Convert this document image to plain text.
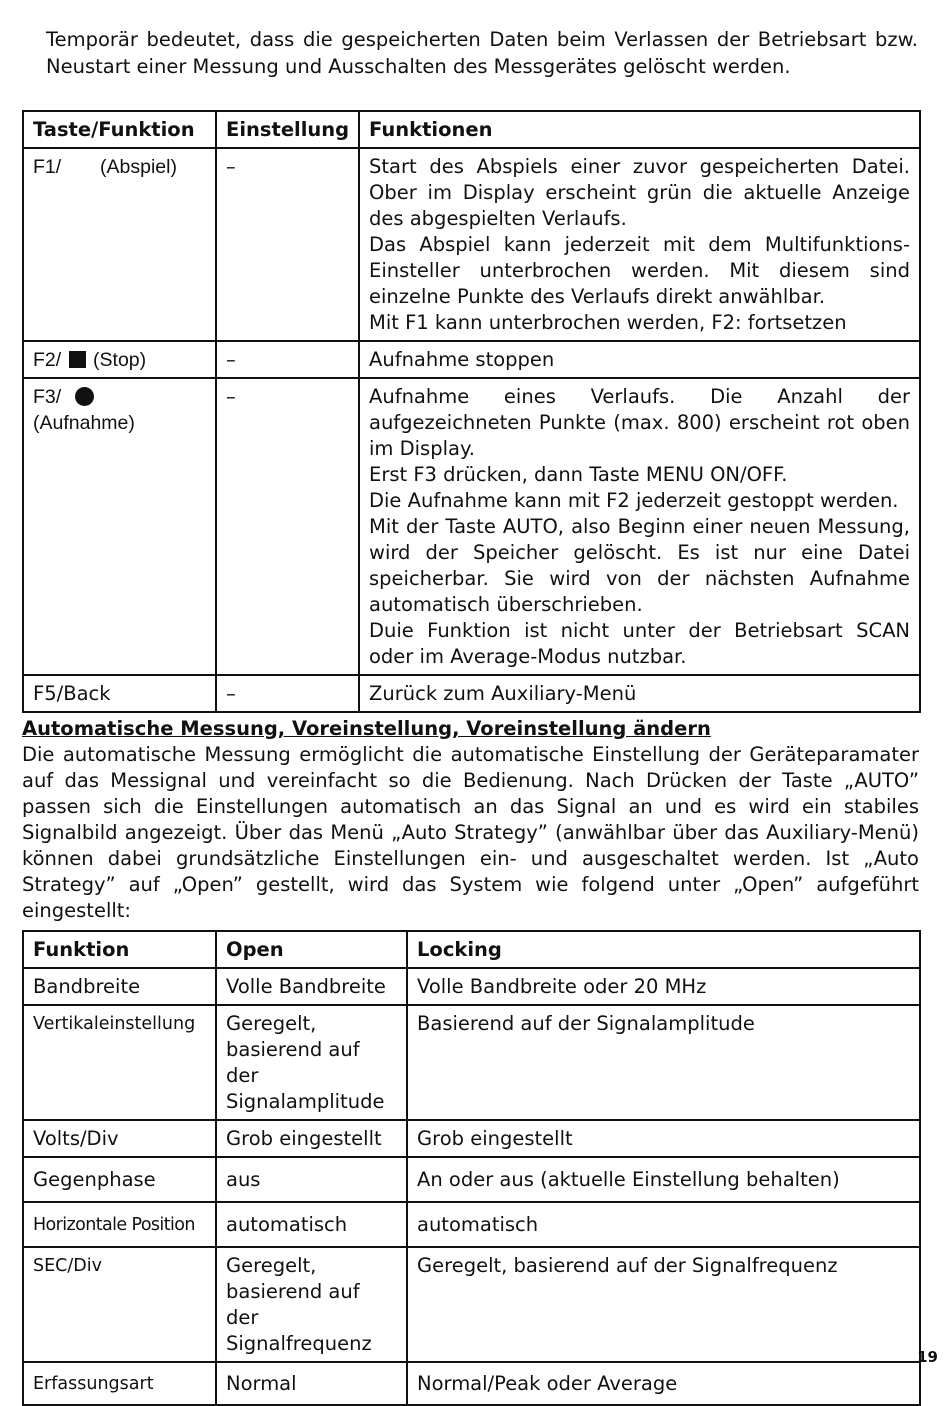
Temporär bedeutet, dass die gespeicherten Daten beim Verlassen der Betriebsart bzw. Neustart einer Messung und Ausschalten des Messgerätes gelöscht werden.
Taste/Funktion	Einstellung	Funktionen
F1/ (Abspiel)	–	Start des Abspiels einer zuvor gespeicherten Datei. Ober im Display erscheint grün die aktuelle Anzeige des abgespielten Verlaufs.
Das Abspiel kann jederzeit mit dem Multifunktions-Einsteller unterbrochen werden. Mit diesem sind einzelne Punkte des Verlaufs direkt anwählbar.
Mit F1 kann unterbrochen werden, F2: fortsetzen

F2/ (Stop)	–	Aufnahme stoppen

F3/(Aufnahme)	–	Aufnahme eines Verlaufs. Die Anzahl der aufgezeichneten Punkte (max. 800) erscheint rot oben im Display.
Erst F3 drücken, dann Taste MENU ON/OFF.
Die Aufnahme kann mit F2 jederzeit gestoppt werden.
Mit der Taste AUTO, also Beginn einer neuen Messung, wird der Speicher gelöscht. Es ist nur eine Datei speicherbar. Sie wird von der nächsten Aufnahme automatisch überschrieben.
Duie Funktion ist nicht unter der Betriebsart SCAN oder im Average-Modus nutzbar.

F5/Back	–	Zurück zum Auxiliary-Menü
Automatische Messung, Voreinstellung, Voreinstellung ändern
Die automatische Messung ermöglicht die automatische Einstellung der Geräteparamater auf das Messignal und vereinfacht so die Bedienung. Nach Drücken der Taste „AUTO” passen sich die Einstellungen automatisch an das Signal an und es wird ein stabiles Signalbild angezeigt. Über das Menü „Auto Strategy” (anwählbar über das Auxiliary-Menü) können dabei grundsätzliche Einstellungen ein- und ausgeschaltet werden. Ist „Auto Strategy” auf „Open” gestellt, wird das System wie folgend unter „Open” aufgeführt eingestellt:
Funktion	Open	Locking
Bandbreite	Volle Bandbreite	Volle Bandbreite oder 20 MHz
Vertikaleinstellung	Geregelt, basierend auf der Signalamplitude	Basierend auf der Signalamplitude
Volts/Div	Grob eingestellt	Grob eingestellt
Gegenphase	aus	An oder aus (aktuelle Einstellung behalten)
Horizontale Position	automatisch	automatisch
SEC/Div	Geregelt, basierend auf der Signalfrequenz	Geregelt, basierend auf der Signalfrequenz
Erfassungsart	Normal	Normal/Peak oder Average
19
